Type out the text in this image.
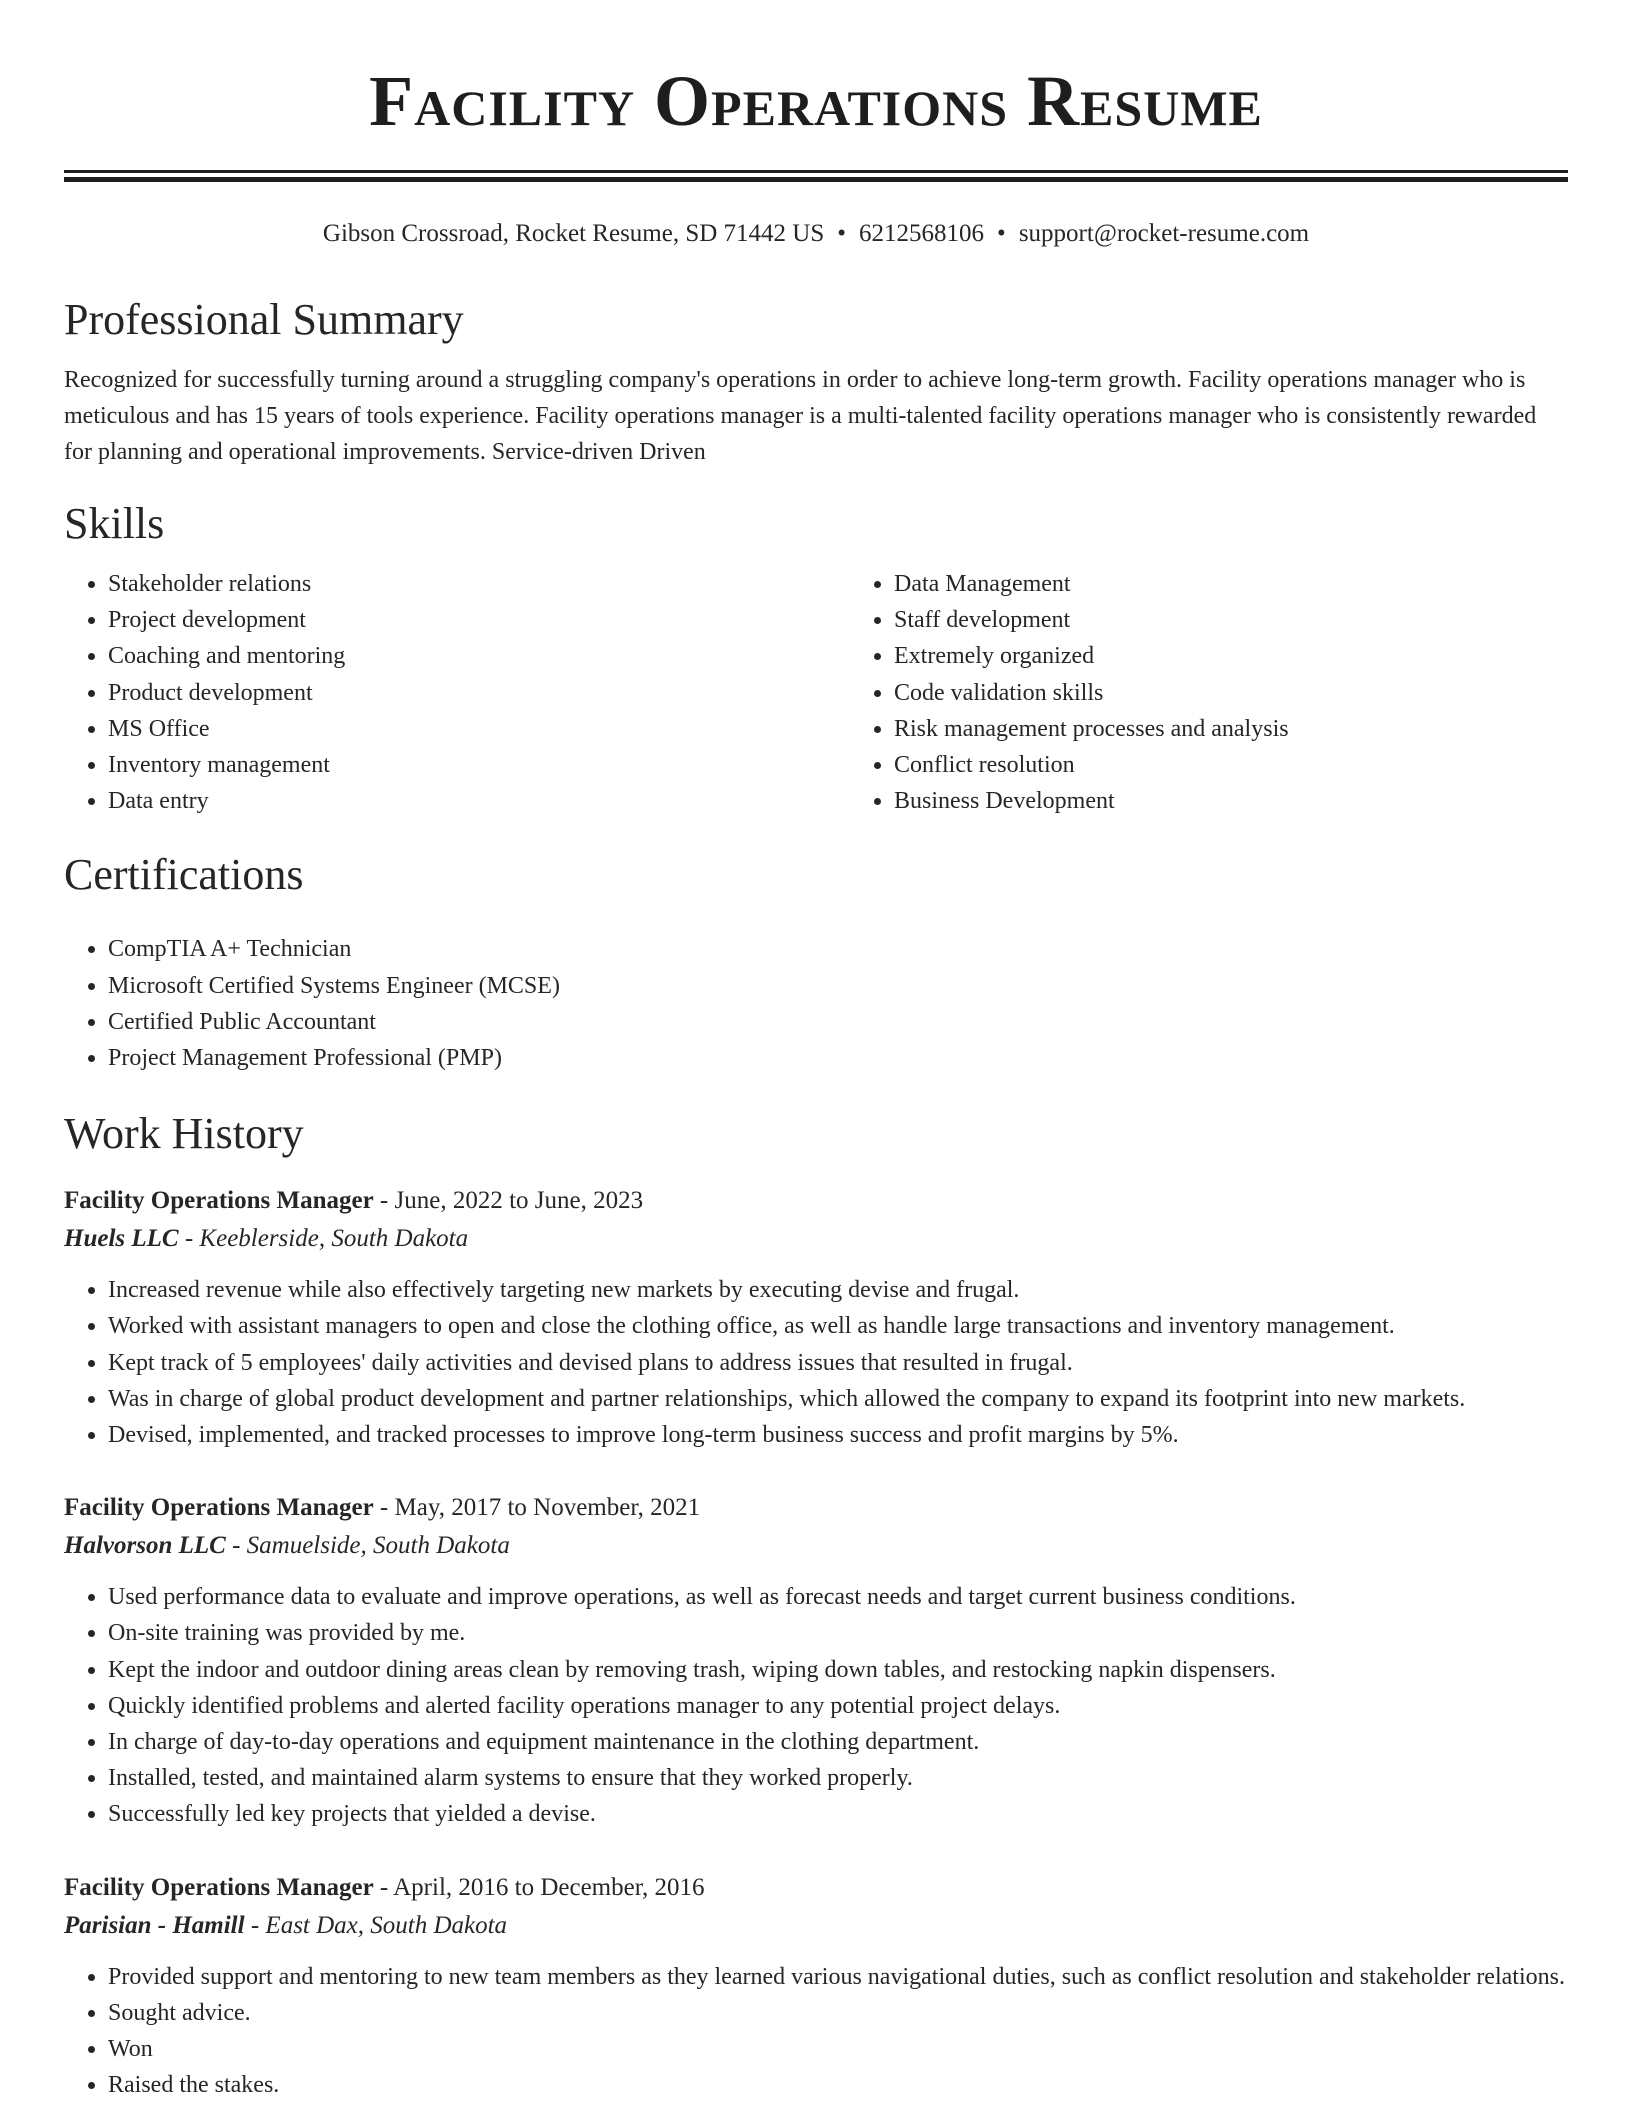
Facility Operations Resume
Gibson Crossroad, Rocket Resume, SD 71442 US • 6212568106 • support@rocket-resume.com
Professional Summary

Recognized for successfully turning around a struggling company's operations in order to achieve long-term growth. Facility operations manager who is meticulous and has 15 years of tools experience. Facility operations manager is a multi-talented facility operations manager who is consistently rewarded for planning and operational improvements. Service-driven Driven

Skills
• Stakeholder relations
• Project development
• Coaching and mentoring
• Product development
• MS Office
• Inventory management
• Data entry
• Data Management
• Staff development
• Extremely organized
• Code validation skills
• Risk management processes and analysis
• Conflict resolution
• Business Development
Certifications
• CompTIA A+ Technician
• Microsoft Certified Systems Engineer (MCSE)
• Certified Public Accountant
• Project Management Professional (PMP)
Work History
Facility Operations Manager - June, 2022 to June, 2023
Huels LLC - Keeblerside, South Dakota
• Increased revenue while also effectively targeting new markets by executing devise and frugal.
• Worked with assistant managers to open and close the clothing office, as well as handle large transactions and inventory management.
• Kept track of 5 employees' daily activities and devised plans to address issues that resulted in frugal.
• Was in charge of global product development and partner relationships, which allowed the company to expand its footprint into new markets.
• Devised, implemented, and tracked processes to improve long-term business success and profit margins by 5%.
Facility Operations Manager - May, 2017 to November, 2021
Halvorson LLC - Samuelside, South Dakota
• Used performance data to evaluate and improve operations, as well as forecast needs and target current business conditions.
• On-site training was provided by me.
• Kept the indoor and outdoor dining areas clean by removing trash, wiping down tables, and restocking napkin dispensers.
• Quickly identified problems and alerted facility operations manager to any potential project delays.
• In charge of day-to-day operations and equipment maintenance in the clothing department.
• Installed, tested, and maintained alarm systems to ensure that they worked properly.
• Successfully led key projects that yielded a devise.
Facility Operations Manager - April, 2016 to December, 2016
Parisian - Hamill - East Dax, South Dakota
• Provided support and mentoring to new team members as they learned various navigational duties, such as conflict resolution and stakeholder relations.
• Sought advice.
• Won
• Raised the stakes.
